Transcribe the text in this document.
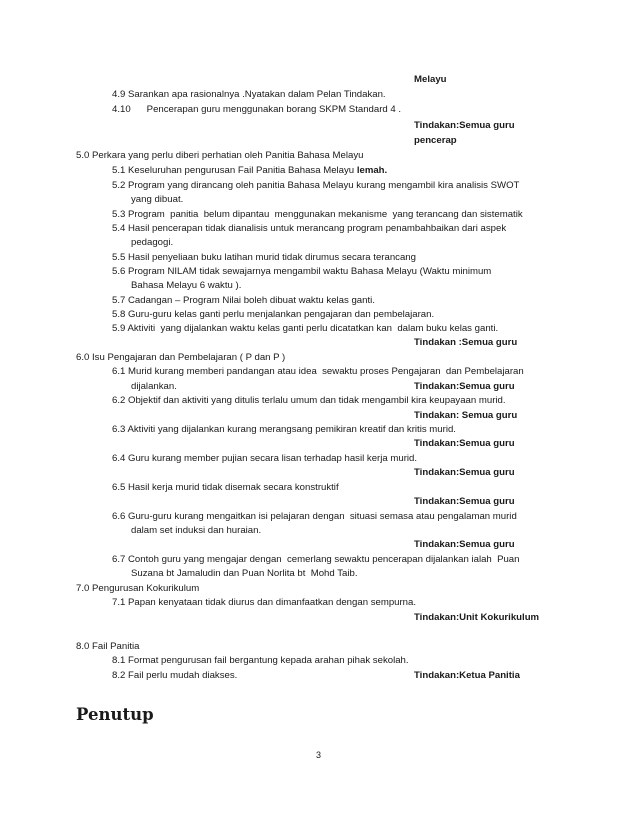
Melayu
4.9 Sarankan apa rasionalnya .Nyatakan dalam Pelan Tindakan.
4.10      Pencerapan guru menggunakan borang SKPM Standard 4 .
Tindakan:Semua guru
pencerap
5.0 Perkara yang perlu diberi perhatian oleh Panitia Bahasa Melayu
5.1 Keseluruhan pengurusan Fail Panitia Bahasa Melayu lemah.
5.2 Program yang dirancang oleh panitia Bahasa Melayu kurang mengambil kira analisis SWOT
yang dibuat.
5.3 Program  panitia  belum dipantau  menggunakan mekanisme  yang terancang dan sistematik
5.4 Hasil pencerapan tidak dianalisis untuk merancang program penambahbaikan dari aspek
pedagogi.
5.5 Hasil penyeliaan buku latihan murid tidak dirumus secara terancang
5.6 Program NILAM tidak sewajarnya mengambil waktu Bahasa Melayu (Waktu minimum
Bahasa Melayu 6 waktu ).
5.7 Cadangan – Program Nilai boleh dibuat waktu kelas ganti.
5.8 Guru-guru kelas ganti perlu menjalankan pengajaran dan pembelajaran.
5.9 Aktiviti  yang dijalankan waktu kelas ganti perlu dicatatkan kan  dalam buku kelas ganti.
Tindakan :Semua guru
6.0 Isu Pengajaran dan Pembelajaran ( P dan P )
6.1 Murid kurang memberi pandangan atau idea  sewaktu proses Pengajaran  dan Pembelajaran
dijalankan.	Tindakan:Semua guru
6.2 Objektif dan aktiviti yang ditulis terlalu umum dan tidak mengambil kira keupayaan murid.
Tindakan: Semua guru
6.3 Aktiviti yang dijalankan kurang merangsang pemikiran kreatif dan kritis murid.
Tindakan:Semua guru
6.4 Guru kurang member pujian secara lisan terhadap hasil kerja murid.
Tindakan:Semua guru
6.5 Hasil kerja murid tidak disemak secara konstruktif
Tindakan:Semua guru
6.6 Guru-guru kurang mengaitkan isi pelajaran dengan  situasi semasa atau pengalaman murid
dalam set induksi dan huraian.
Tindakan:Semua guru
6.7 Contoh guru yang mengajar dengan  cemerlang sewaktu pencerapan dijalankan ialah  Puan
Suzana bt Jamaludin dan Puan Norlita bt  Mohd Taib.
7.0 Pengurusan Kokurikulum
7.1 Papan kenyataan tidak diurus dan dimanfaatkan dengan sempurna.
Tindakan:Unit Kokurikulum
8.0 Fail Panitia
8.1 Format pengurusan fail bergantung kepada arahan pihak sekolah.
8.2 Fail perlu mudah diakses.	Tindakan:Ketua Panitia
Penutup
3
